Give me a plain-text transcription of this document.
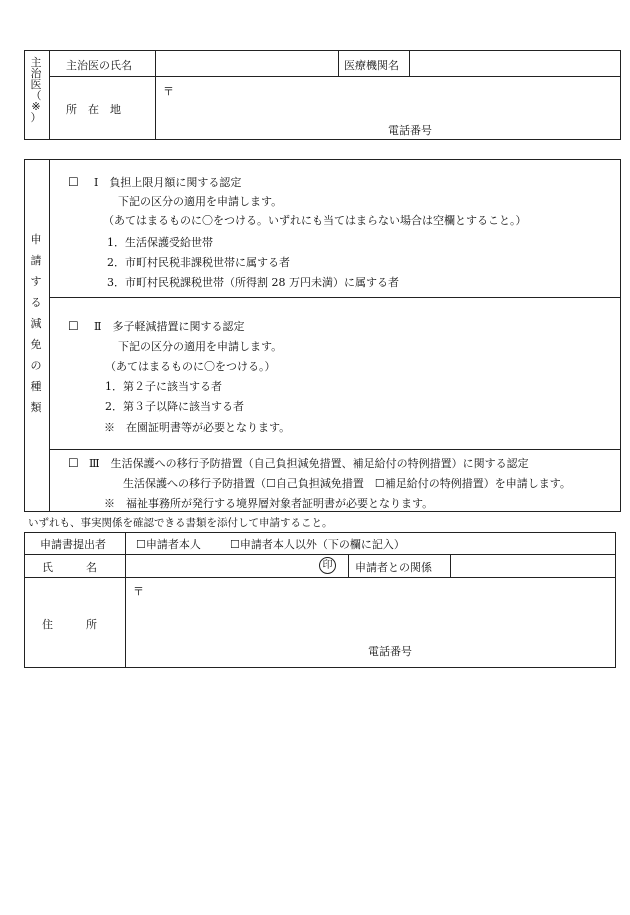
主
治
医
（
※
）
主治医の氏名	医療機関名
所　在　地
〒
電話番号
申
請
す
る
減
免
の
種
類
☐ Ⅰ　負担上限月額に関する認定
下記の区分の適用を申請します。
（あてはまるものに〇をつける。いずれにも当てはまらない場合は空欄とすること。）
1．生活保護受給世帯
2．市町村民税非課税世帯に属する者
3．市町村民税課税世帯（所得割 28 万円未満）に属する者
☐ Ⅱ　多子軽減措置に関する認定
下記の区分の適用を申請します。
（あてはまるものに〇をつける。）
1．第２子に該当する者
2．第３子以降に該当する者
※　在園証明書等が必要となります。
☐ Ⅲ　生活保護への移行予防措置（自己負担減免措置、補足給付の特例措置）に関する認定
生活保護への移行予防措置（☐自己負担減免措置　☐補足給付の特例措置）を申請します。
※　福祉事務所が発行する境界層対象者証明書が必要となります。
いずれも、事実関係を確認できる書類を添付して申請すること。
申請書提出者	☐申請者本人	☐申請者本人以外（下の欄に記入）
氏　　　名	印	申請者との関係
住　　　所
〒
電話番号
